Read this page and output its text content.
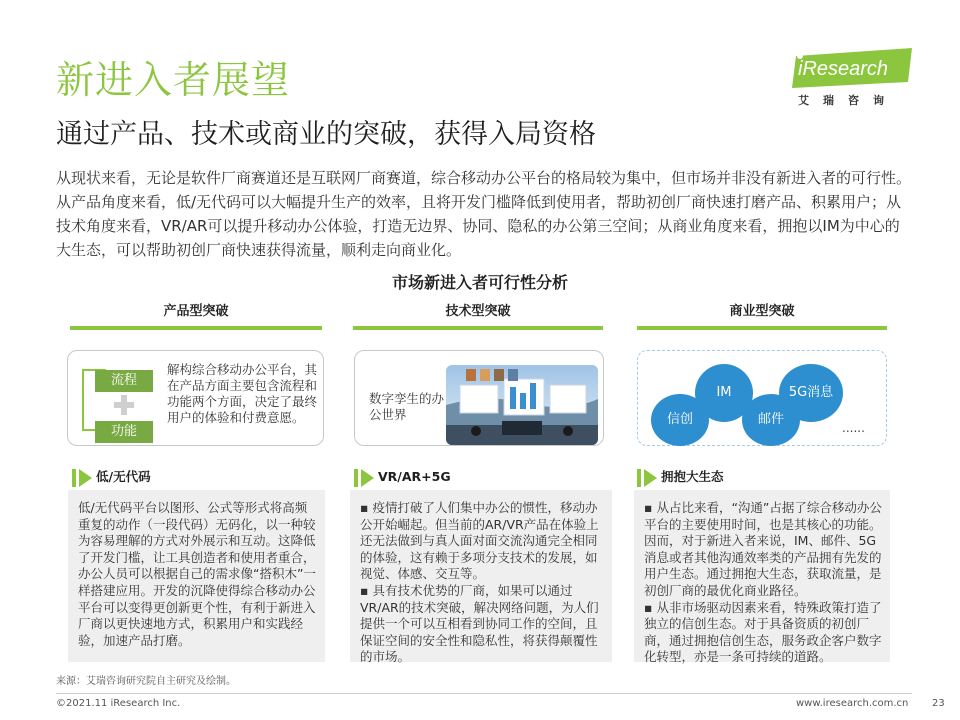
新进入者展望
通过产品、技术或商业的突破，获得入局资格
iResearch
艾瑞咨询
从现状来看，无论是软件厂商赛道还是互联网厂商赛道，综合移动办公平台的格局较为集中，但市场并非没有新进入者的可行性。从产品角度来看，低/无代码可以大幅提升生产的效率，且将开发门槛降低到使用者，帮助初创厂商快速打磨产品、积累用户；从技术角度来看，VR/AR可以提升移动办公体验，打造无边界、协同、隐私的办公第三空间；从商业角度来看，拥抱以IM为中心的大生态，可以帮助初创厂商快速获得流量，顺利走向商业化。
市场新进入者可行性分析
产品型突破	技术型突破	商业型突破
流程
功能
解构综合移动办公平台，其在产品方面主要包含流程和功能两个方面，决定了最终用户的体验和付费意愿。
数字孪生的办公世界
IM	5G消息
信创	邮件
......
低/无代码	VR/AR+5G	拥抱大生态

低/无代码平台以图形、公式等形式将高频重复的动作（一段代码）无码化，以一种较为容易理解的方式对外展示和互动。这降低了开发门槛，让工具创造者和使用者重合，办公人员可以根据自己的需求像“搭积木”一样搭建应用。开发的沉降使得综合移动办公平台可以变得更创新更个性，有利于新进入厂商以更快速地方式，积累用户和实践经验，加速产品打磨。

▪ 疫情打破了人们集中办公的惯性，移动办公开始崛起。但当前的AR/VR产品在体验上还无法做到与真人面对面交流沟通完全相同的体验，这有赖于多项分支技术的发展，如视觉、体感、交互等。

▪ 具有技术优势的厂商，如果可以通过VR/AR的技术突破，解决网络问题，为人们提供一个可以互相看到协同工作的空间，且保证空间的安全性和隐私性，将获得颠覆性的市场。

▪ 从占比来看，“沟通”占据了综合移动办公平台的主要使用时间，也是其核心的功能。因而，对于新进入者来说，IM、邮件、5G消息或者其他沟通效率类的产品拥有先发的用户生态。通过拥抱大生态，获取流量，是初创厂商的最优化商业路径。

▪ 从非市场驱动因素来看，特殊政策打造了独立的信创生态。对于具备资质的初创厂商，通过拥抱信创生态，服务政企客户数字化转型，亦是一条可持续的道路。

来源：艾瑞咨询研究院自主研究及绘制。
©2021.11 iResearch Inc.	www.iresearch.com.cn 23
